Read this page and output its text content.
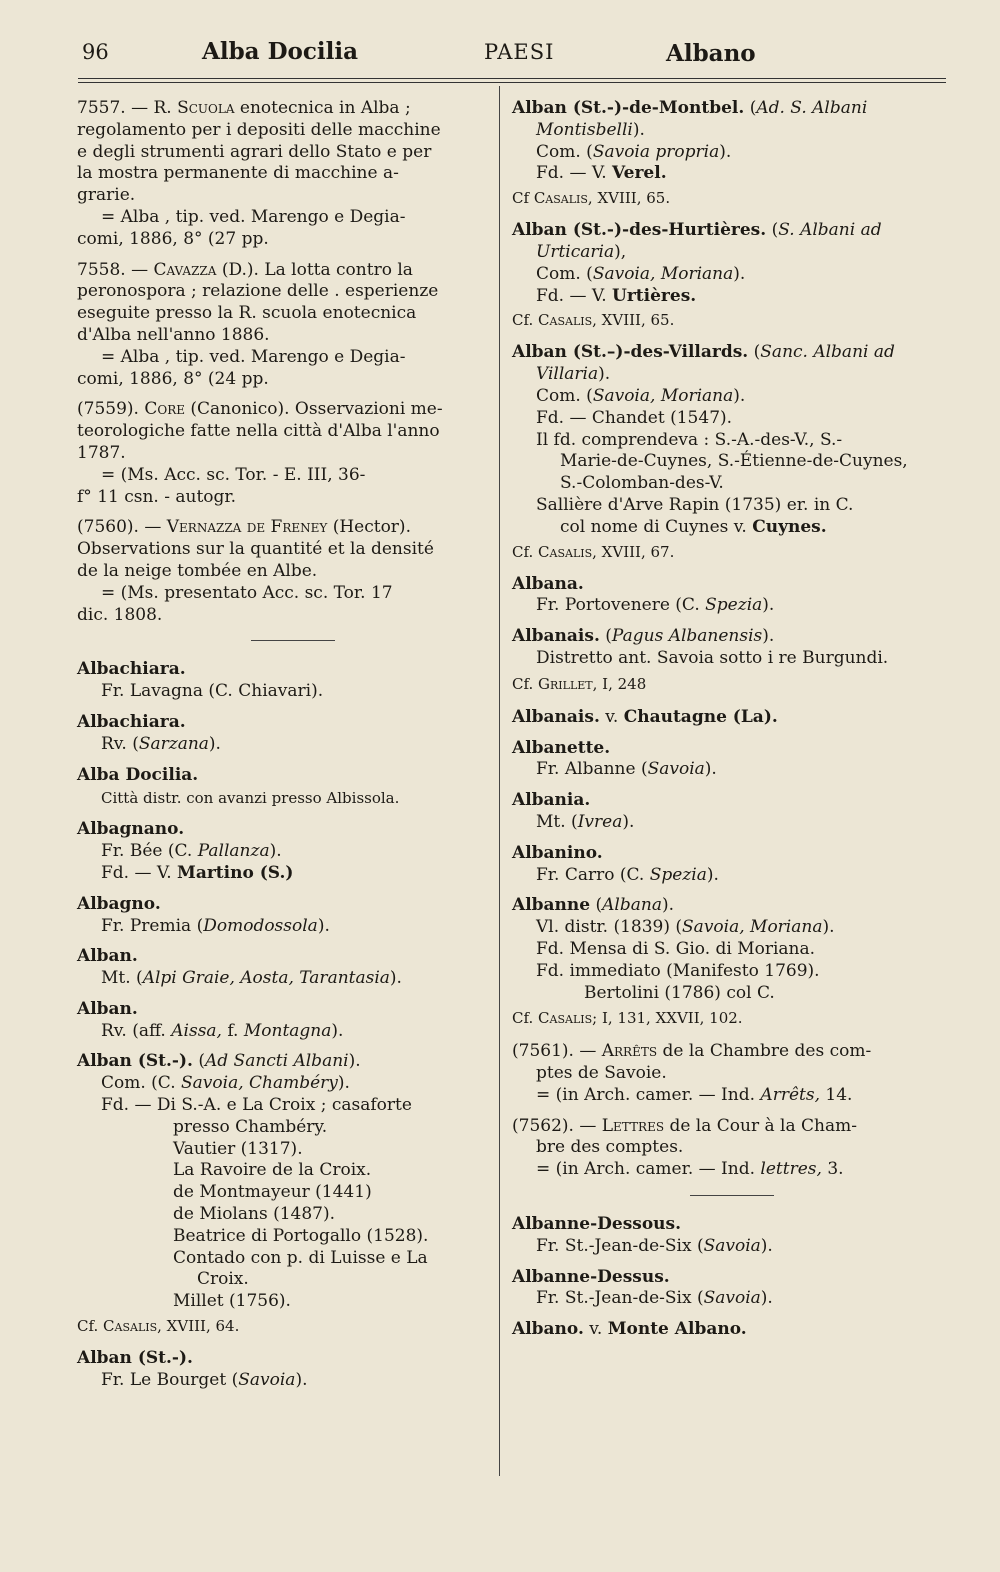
96	Alba Docilia	PAESI	Albano
7557. — R. Scuola enotecnica in Alba ;
regolamento per i depositi delle macchine
e degli strumenti agrari dello Stato e per
la mostra permanente di macchine a-
grarie.
= Alba , tip. ved. Marengo e Degia-
comi, 1886, 8° (27 pp.
7558. — Cavazza (D.). La lotta contro la
peronospora ; relazione delle . esperienze
eseguite presso la R. scuola enotecnica
d'Alba nell'anno 1886.
= Alba , tip. ved. Marengo e Degia-
comi, 1886, 8° (24 pp.
(7559). Core (Canonico). Osservazioni me-
teorologiche fatte nella città d'Alba l'anno
1787.
= (Ms. Acc. sc. Tor. - E. III, 36-
f° 11 csn. - autogr.
(7560). — Vernazza de Freney (Hector).
Observations sur la quantité et la densité
de la neige tombée en Albe.
= (Ms. presentato Acc. sc. Tor. 17
dic. 1808.
Albachiara.
Fr. Lavagna (C. Chiavari).
Albachiara.
Rv. (Sarzana).
Alba Docilia.
Città distr. con avanzi presso Albissola.
Albagnano.
Fr. Bée (C. Pallanza).
Fd. — V. Martino (S.)
Albagno.
Fr. Premia (Domodossola).
Alban.
Mt. (Alpi Graie, Aosta, Tarantasia).
Alban.
Rv. (aff. Aissa, f. Montagna).
Alban (St.-). (Ad Sancti Albani).
Com. (C. Savoia, Chambéry).
Fd. — Di S.-A. e La Croix ; casaforte
presso Chambéry.
Vautier (1317).
La Ravoire de la Croix.
de Montmayeur (1441)
de Miolans (1487).
Beatrice di Portogallo (1528).
Contado con p. di Luisse e La
Croix.
Millet (1756).
Cf. Casalis, XVIII, 64.
Alban (St.-).
Fr. Le Bourget (Savoia).
Alban (St.-)-de-Montbel. (Ad. S. Albani
Montisbelli).
Com. (Savoia propria).
Fd. — V. Verel.
Cf Casalis, XVIII, 65.
Alban (St.-)-des-Hurtières. (S. Albani ad
Urticaria),
Com. (Savoia, Moriana).
Fd. — V. Urtières.
Cf. Casalis, XVIII, 65.
Alban (St.–)-des-Villards. (Sanc. Albani ad
Villaria).
Com. (Savoia, Moriana).
Fd. — Chandet (1547).
Il fd. comprendeva : S.-A.-des-V., S.-
Marie-de-Cuynes, S.-Étienne-de-Cuynes,
S.-Colomban-des-V.
Sallière d'Arve Rapin (1735) er. in C.
col nome di Cuynes v. Cuynes.
Cf. Casalis, XVIII, 67.
Albana.
Fr. Portovenere (C. Spezia).
Albanais. (Pagus Albanensis).
Distretto ant. Savoia sotto i re Burgundi.
Cf. Grillet, I, 248
Albanais. v. Chautagne (La).
Albanette.
Fr. Albanne (Savoia).
Albania.
Mt. (Ivrea).
Albanino.
Fr. Carro (C. Spezia).
Albanne (Albana).
Vl. distr. (1839) (Savoia, Moriana).
Fd. Mensa di S. Gio. di Moriana.
Fd. immediato (Manifesto 1769).
Bertolini (1786) col C.
Cf. Casalis; I, 131, XXVII, 102.
(7561). — Arrêts de la Chambre des com-
ptes de Savoie.
= (in Arch. camer. — Ind. Arrêts, 14.
(7562). — Lettres de la Cour à la Cham-
bre des comptes.
= (in Arch. camer. — Ind. lettres, 3.
Albanne-Dessous.
Fr. St.-Jean-de-Six (Savoia).
Albanne-Dessus.
Fr. St.-Jean-de-Six (Savoia).
Albano. v. Monte Albano.
